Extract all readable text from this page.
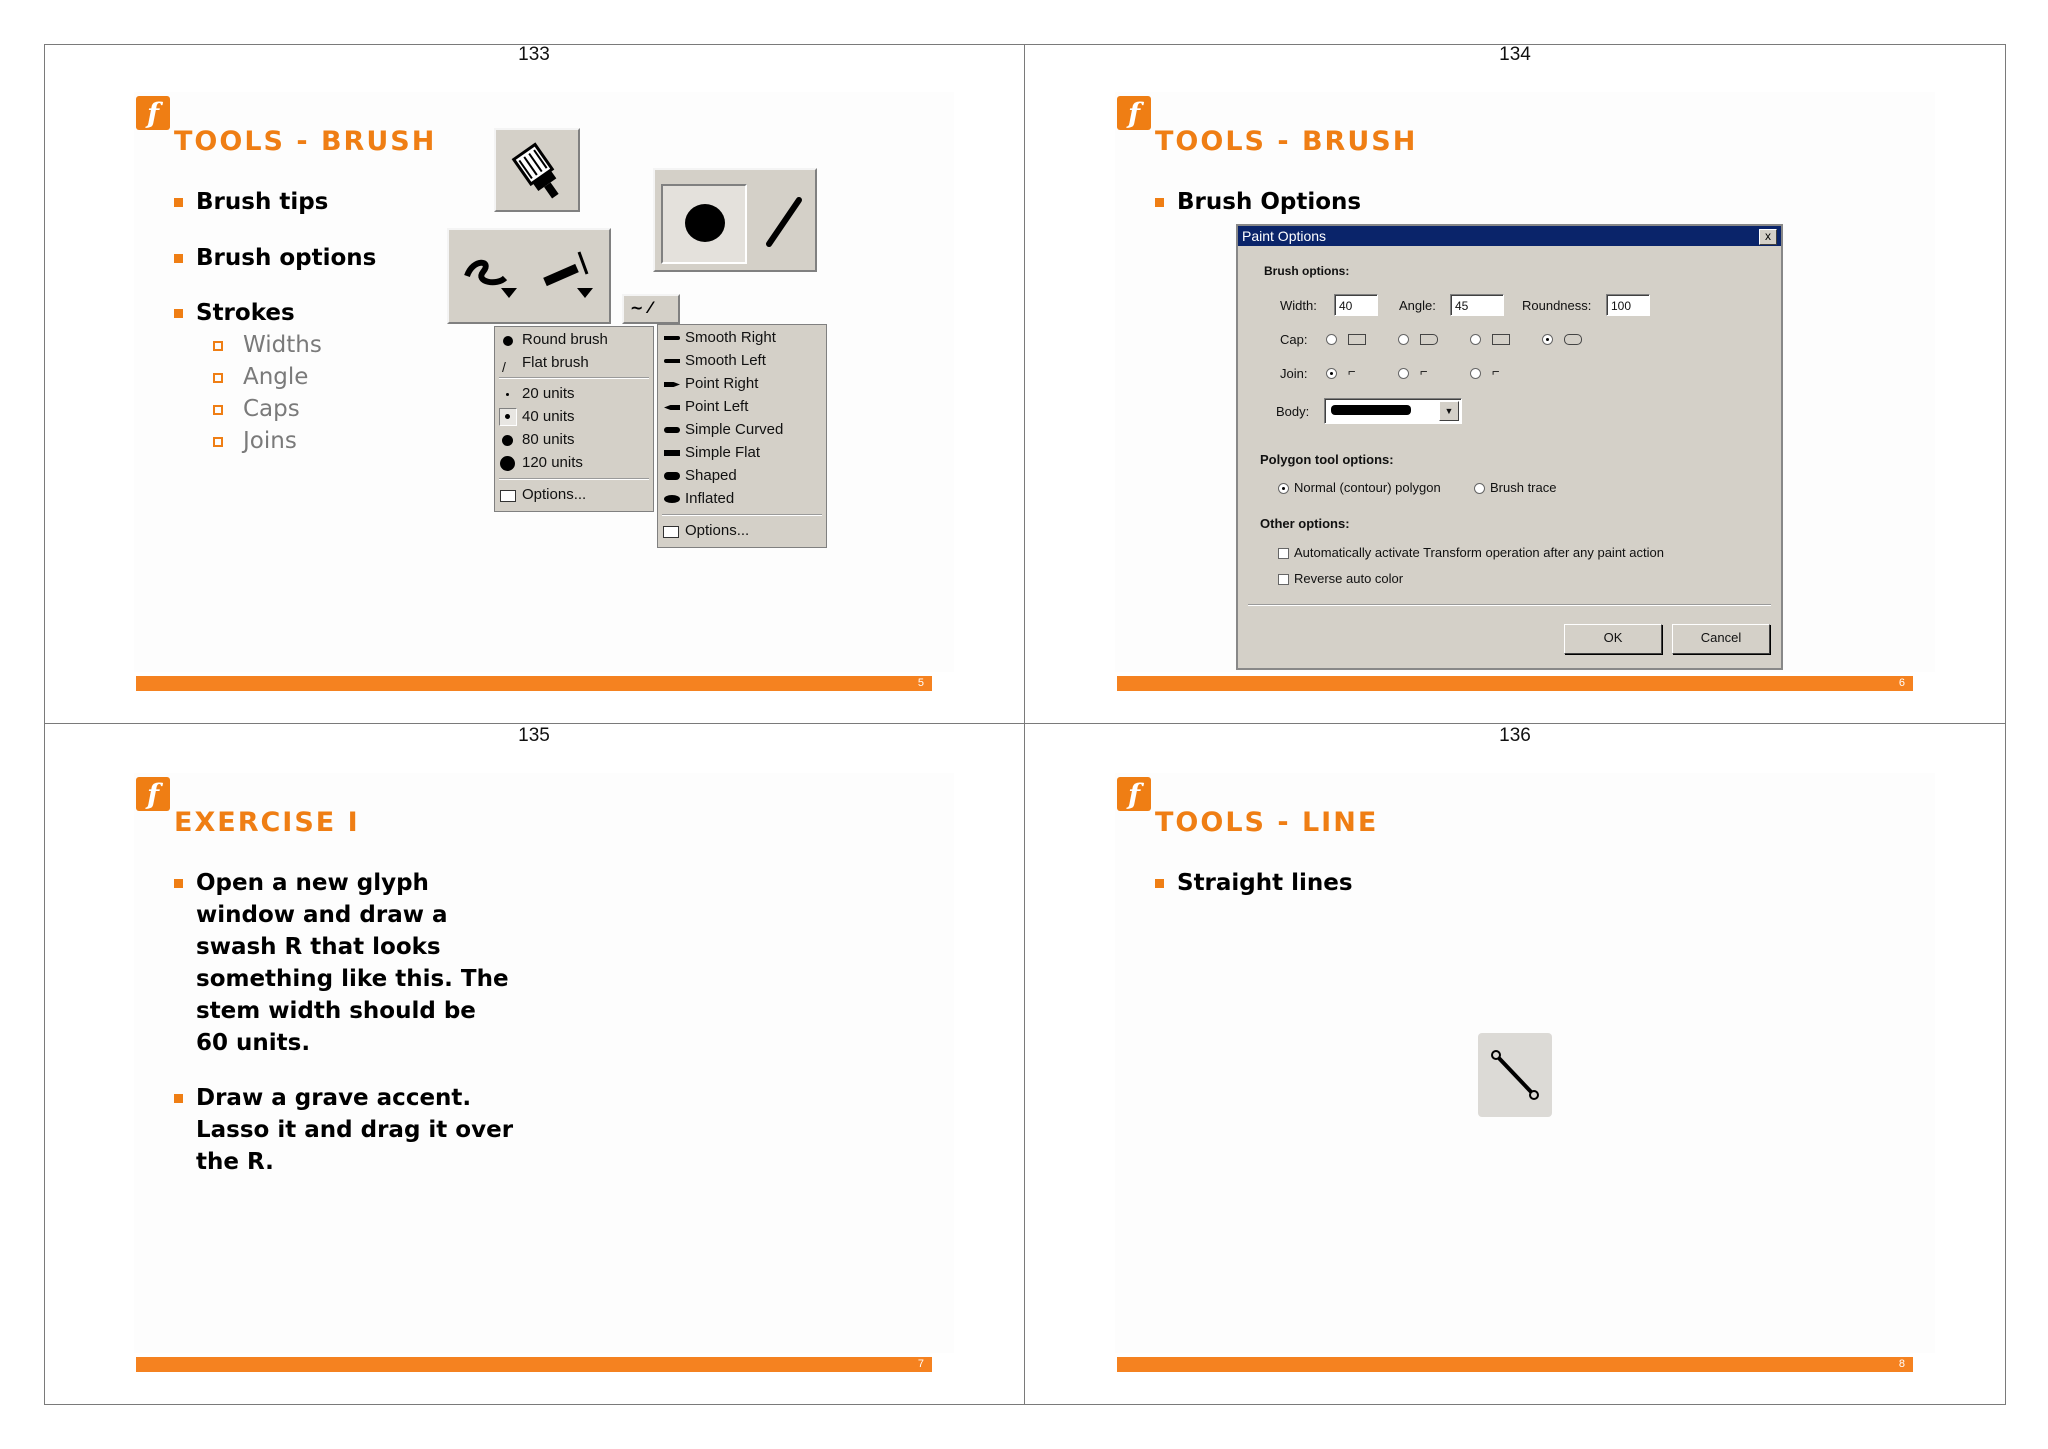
133
f
TOOLS - BRUSH
Brush tips
Brush options
Strokes
Widths
Angle
Caps
Joins
~ ⁄
Round brush
/ Flat brush
20 units
40 units
80 units
120 units
Options...
Smooth Right
Smooth Left
Point Right
Point Left
Simple Curved
Simple Flat
Shaped
Inflated
Options...
5
134
f
TOOLS - BRUSH
Brush Options
Paint Options	x
Brush options:
Width:	40	Angle:	45	Roundness:	100
Cap:
Join:	⌐	⌐	⌐
Body:	▼
Polygon tool options:
Normal (contour) polygon	Brush trace
Other options:
Automatically activate Transform operation after any paint action
Reverse auto color
OK	Cancel
6
135
f
EXERCISE I
Open a new glyph
window and draw a
swash R that looks
something like this. The
stem width should be
60 units.
Draw a grave accent.
Lasso it and drag it over
the R.
7
136
f
TOOLS - LINE
Straight lines
8
